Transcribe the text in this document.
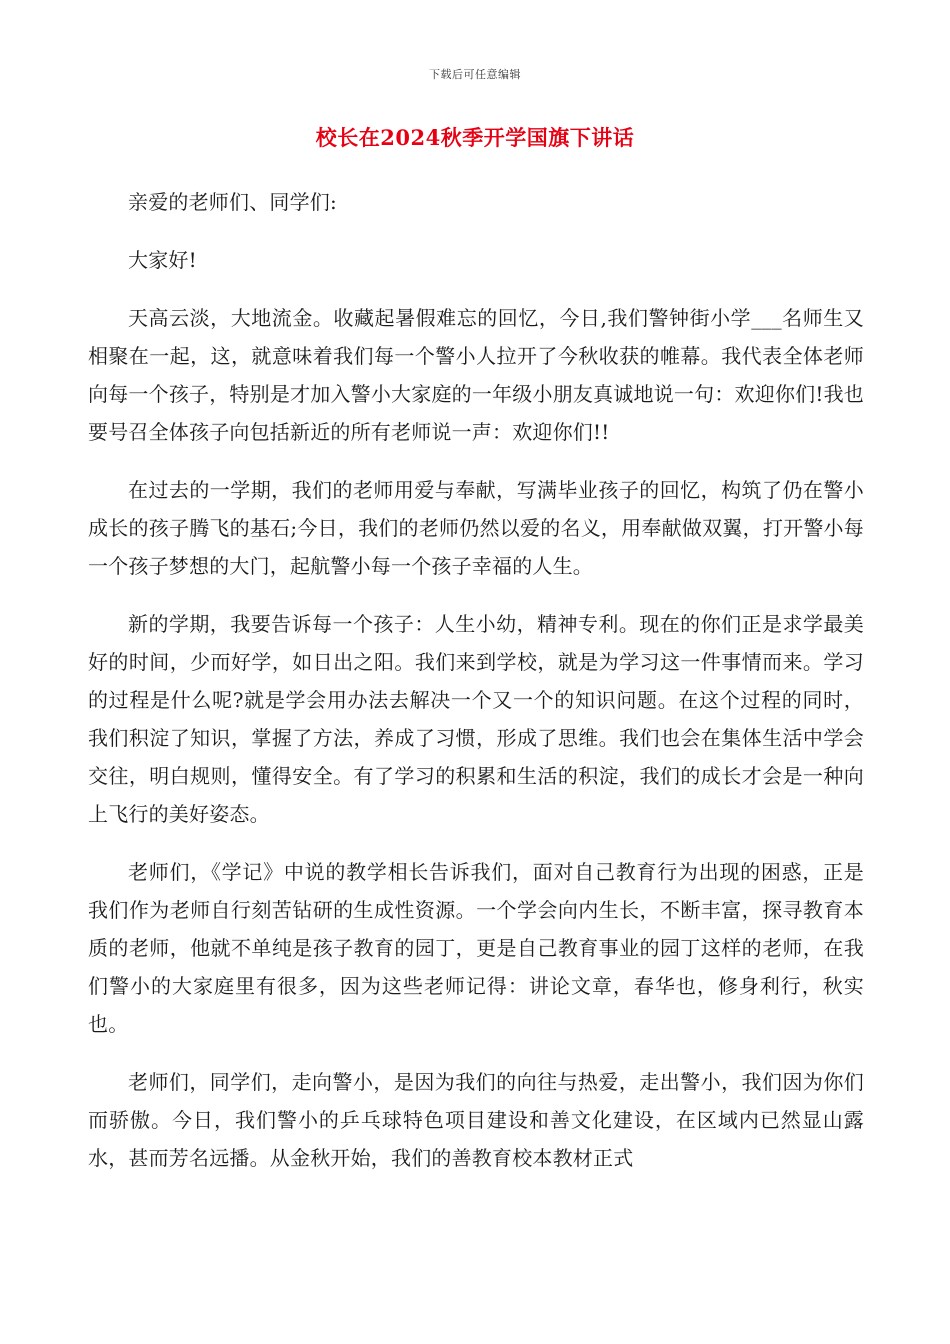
下载后可任意编辑
校长在2024秋季开学国旗下讲话

亲爱的老师们、同学们:

大家好!

天高云淡，大地流金。收藏起暑假难忘的回忆，今日,我们警钟街小学___名师生又相聚在一起，这，就意味着我们每一个警小人拉开了今秋收获的帷幕。我代表全体老师向每一个孩子，特别是才加入警小大家庭的一年级小朋友真诚地说一句：欢迎你们!我也要号召全体孩子向包括新近的所有老师说一声：欢迎你们!!

在过去的一学期，我们的老师用爱与奉献，写满毕业孩子的回忆，构筑了仍在警小成长的孩子腾飞的基石;今日，我们的老师仍然以爱的名义，用奉献做双翼，打开警小每一个孩子梦想的大门，起航警小每一个孩子幸福的人生。

新的学期，我要告诉每一个孩子：人生小幼，精神专利。现在的你们正是求学最美好的时间，少而好学，如日出之阳。我们来到学校，就是为学习这一件事情而来。学习的过程是什么呢?就是学会用办法去解决一个又一个的知识问题。在这个过程的同时，我们积淀了知识，掌握了方法，养成了习惯，形成了思维。我们也会在集体生活中学会交往，明白规则，懂得安全。有了学习的积累和生活的积淀，我们的成长才会是一种向上飞行的美好姿态。

老师们，《学记》中说的教学相长告诉我们，面对自己教育行为出现的困惑，正是我们作为老师自行刻苦钻研的生成性资源。一个学会向内生长，不断丰富，探寻教育本质的老师，他就不单纯是孩子教育的园丁，更是自己教育事业的园丁这样的老师，在我们警小的大家庭里有很多，因为这些老师记得：讲论文章，春华也，修身利行，秋实也。

老师们，同学们，走向警小，是因为我们的向往与热爱，走出警小，我们因为你们而骄傲。今日，我们警小的乒乓球特色项目建设和善文化建设，在区域内已然显山露水，甚而芳名远播。从金秋开始，我们的善教育校本教材正式
